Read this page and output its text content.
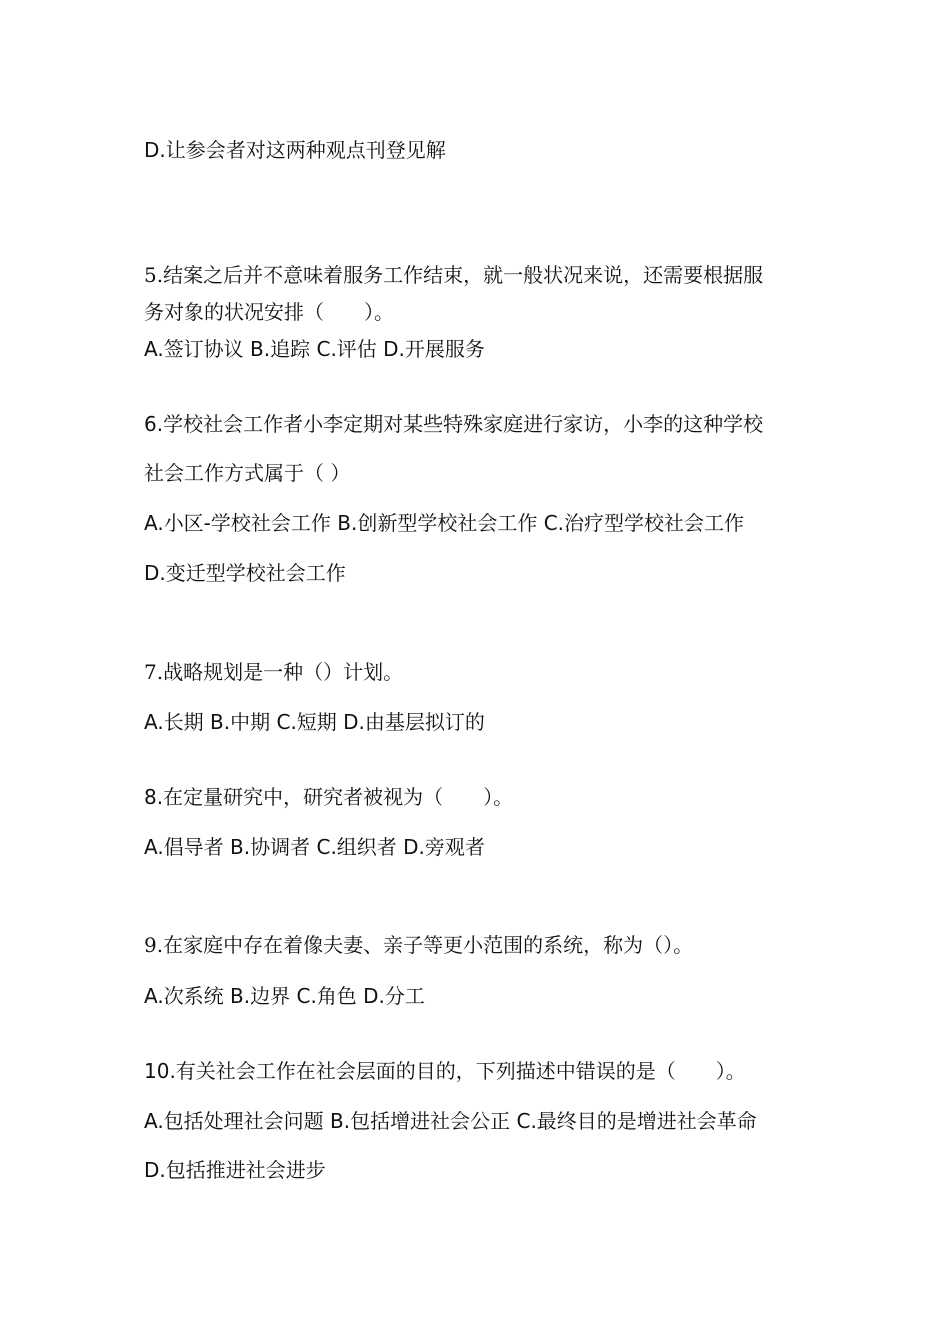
D.让参会者对这两种观点刊登见解
5.结案之后并不意味着服务工作结束，就一般状况来说，还需要根据服
务对象的状况安排（　　）。
A.签订协议 B.追踪 C.评估 D.开展服务
6.学校社会工作者小李定期对某些特殊家庭进行家访，小李的这种学校
社会工作方式属于（ ）
A.小区-学校社会工作 B.创新型学校社会工作 C.治疗型学校社会工作
D.变迁型学校社会工作
7.战略规划是一种（）计划。
A.长期 B.中期 C.短期 D.由基层拟订的
8.在定量研究中，研究者被视为（　　）。
A.倡导者 B.协调者 C.组织者 D.旁观者
9.在家庭中存在着像夫妻、亲子等更小范围的系统，称为（）。
A.次系统 B.边界 C.角色 D.分工
10.有关社会工作在社会层面的目的，下列描述中错误的是（　　）。
A.包括处理社会问题 B.包括增进社会公正 C.最终目的是增进社会革命
D.包括推进社会进步
